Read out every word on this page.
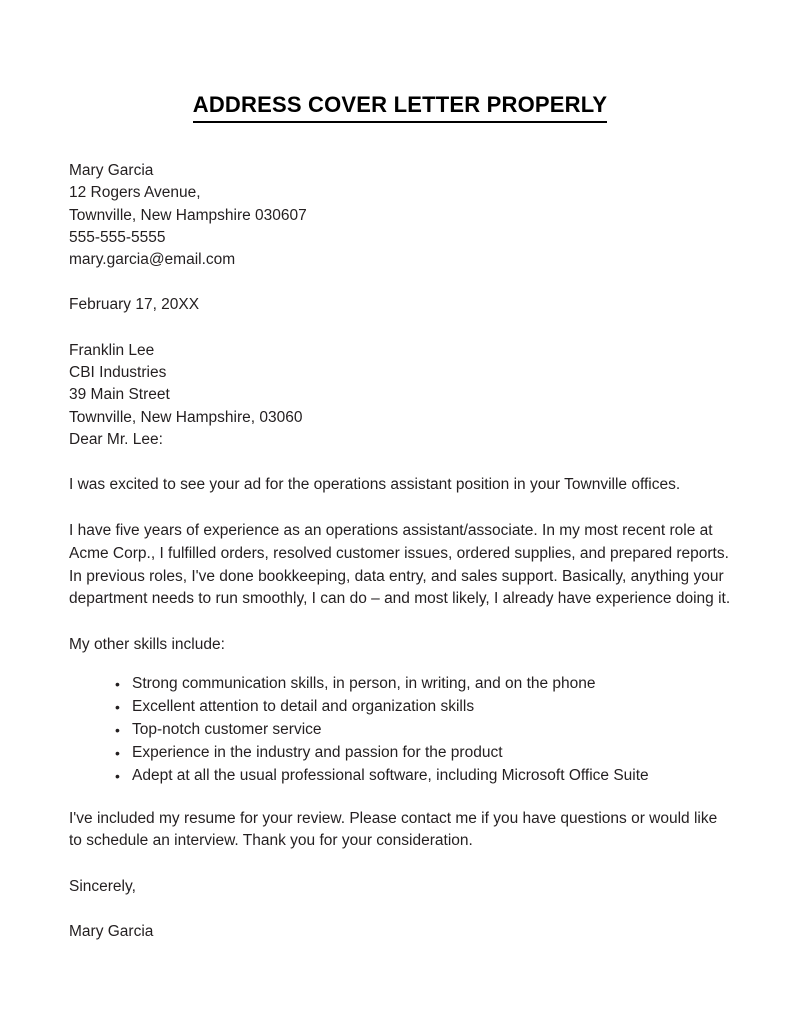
ADDRESS COVER LETTER PROPERLY
Mary Garcia
12 Rogers Avenue,
Townville, New Hampshire 030607
555-555-5555
mary.garcia@email.com
February 17, 20XX
Franklin Lee
CBI Industries
39 Main Street
Townville, New Hampshire, 03060
Dear Mr. Lee:

I was excited to see your ad for the operations assistant position in your Townville offices.

I have five years of experience as an operations assistant/associate. In my most recent role at Acme Corp., I fulfilled orders, resolved customer issues, ordered supplies, and prepared reports. In previous roles, I've done bookkeeping, data entry, and sales support. Basically, anything your department needs to run smoothly, I can do – and most likely, I already have experience doing it.

My other skills include:

• Strong communication skills, in person, in writing, and on the phone
• Excellent attention to detail and organization skills
• Top-notch customer service
• Experience in the industry and passion for the product
• Adept at all the usual professional software, including Microsoft Office Suite

I've included my resume for your review. Please contact me if you have questions or would like to schedule an interview. Thank you for your consideration.

Sincerely,
Mary Garcia
